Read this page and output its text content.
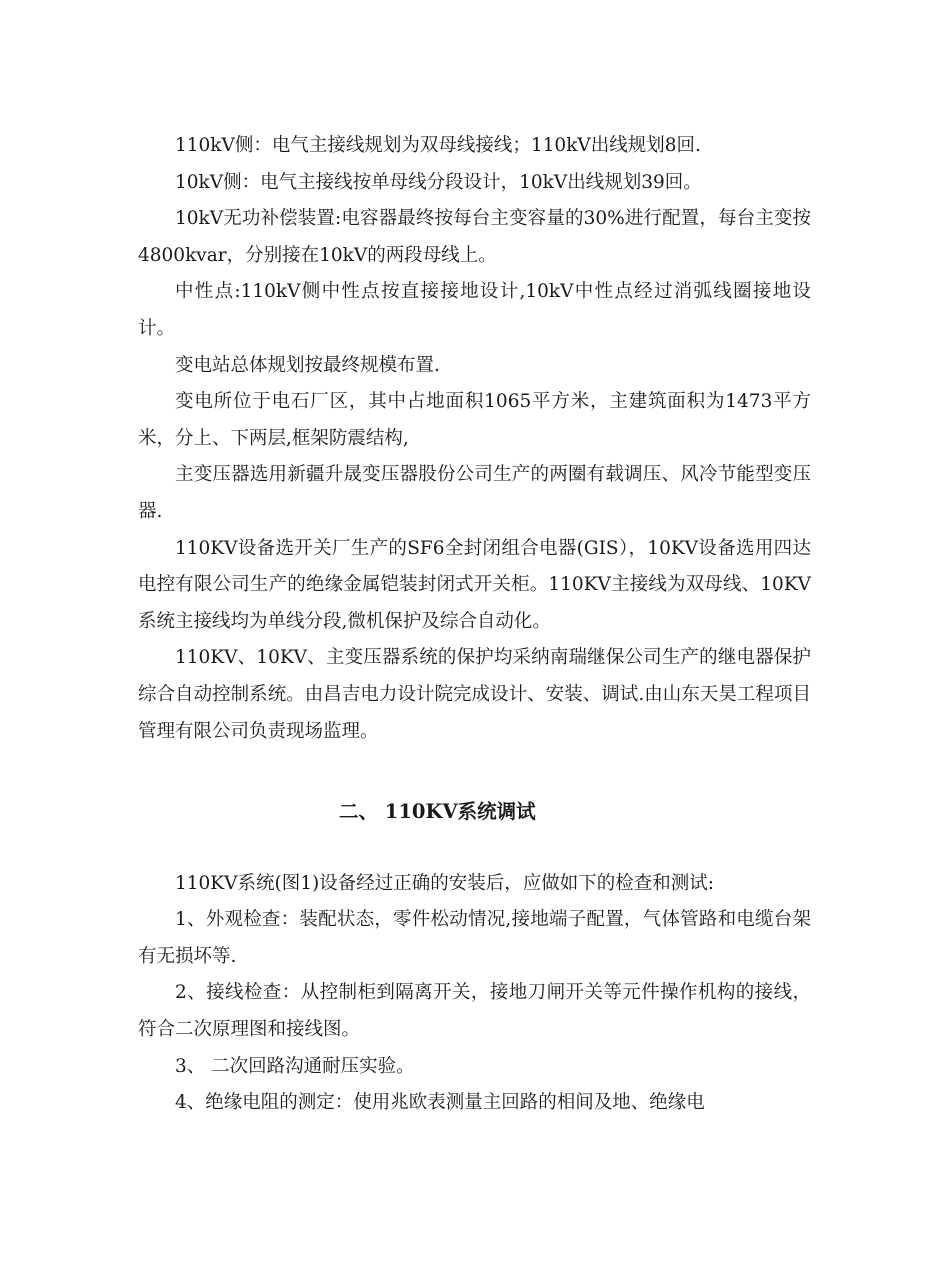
110kV侧：电气主接线规划为双母线接线；110kV出线规划8回.

10kV侧：电气主接线按单母线分段设计，10kV出线规划39回。

10kV无功补偿装置:电容器最终按每台主变容量的30%进行配置，每台主变按4800kvar，分别接在10kV的两段母线上。

中性点:110kV侧中性点按直接接地设计,10kV中性点经过消弧线圈接地设计。

变电站总体规划按最终规模布置.

变电所位于电石厂区，其中占地面积1065平方米，主建筑面积为1473平方米，分上、下两层,框架防震结构,

主变压器选用新疆升晟变压器股份公司生产的两圈有载调压、风冷节能型变压器.

110KV设备选开关厂生产的SF6全封闭组合电器(GIS），10KV设备选用四达电控有限公司生产的绝缘金属铠装封闭式开关柜。110KV主接线为双母线、10KV系统主接线均为单线分段,微机保护及综合自动化。

110KV、10KV、主变压器系统的保护均采纳南瑞继保公司生产的继电器保护综合自动控制系统。由昌吉电力设计院完成设计、安装、调试.由山东天昊工程项目管理有限公司负责现场监理。

二、 110KV系统调试

110KV系统(图1)设备经过正确的安装后，应做如下的检查和测试:

1、外观检查：装配状态，零件松动情况,接地端子配置，气体管路和电缆台架有无损坏等.

2、接线检查：从控制柜到隔离开关，接地刀闸开关等元件操作机构的接线，符合二次原理图和接线图。

3、 二次回路沟通耐压实验。

4、绝缘电阻的测定：使用兆欧表测量主回路的相间及地、绝缘电
